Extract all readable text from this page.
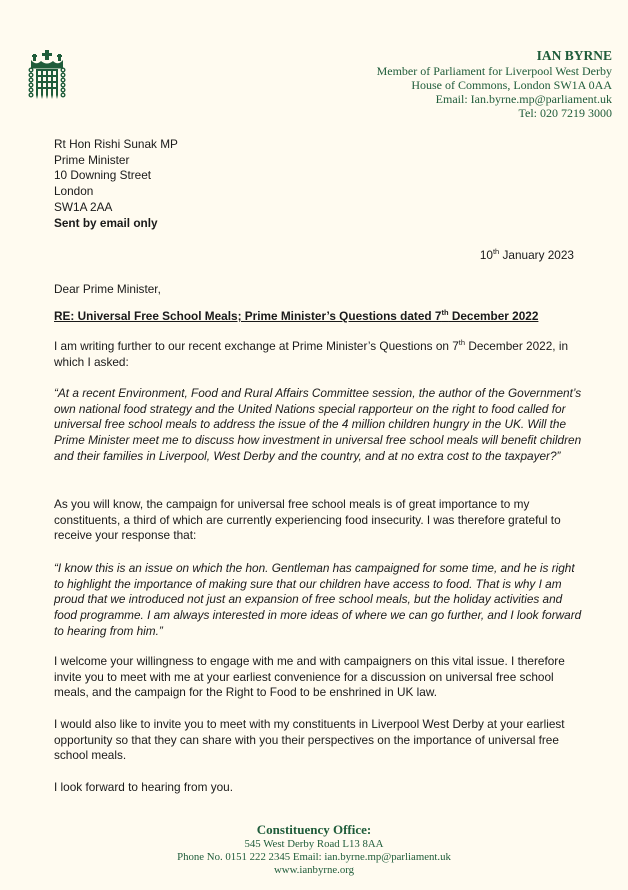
IAN BYRNE
Member of Parliament for Liverpool West Derby
House of Commons, London SW1A 0AA
Email: Ian.byrne.mp@parliament.uk
Tel: 020 7219 3000
Rt Hon Rishi Sunak MP
Prime Minister
10 Downing Street
London
SW1A 2AA
Sent by email only
10th January 2023
Dear Prime Minister,
RE: Universal Free School Meals; Prime Minister’s Questions dated 7th December 2022
I am writing further to our recent exchange at Prime Minister’s Questions on 7th December 2022, in which I asked:
“At a recent Environment, Food and Rural Affairs Committee session, the author of the Government’s own national food strategy and the United Nations special rapporteur on the right to food called for universal free school meals to address the issue of the 4 million children hungry in the UK. Will the Prime Minister meet me to discuss how investment in universal free school meals will benefit children and their families in Liverpool, West Derby and the country, and at no extra cost to the taxpayer?”
As you will know, the campaign for universal free school meals is of great importance to my constituents, a third of which are currently experiencing food insecurity. I was therefore grateful to receive your response that:
“I know this is an issue on which the hon. Gentleman has campaigned for some time, and he is right to highlight the importance of making sure that our children have access to food. That is why I am proud that we introduced not just an expansion of free school meals, but the holiday activities and food programme. I am always interested in more ideas of where we can go further, and I look forward to hearing from him.”
I welcome your willingness to engage with me and with campaigners on this vital issue. I therefore invite you to meet with me at your earliest convenience for a discussion on universal free school meals, and the campaign for the Right to Food to be enshrined in UK law.
I would also like to invite you to meet with my constituents in Liverpool West Derby at your earliest opportunity so that they can share with you their perspectives on the importance of universal free school meals.
I look forward to hearing from you.
Constituency Office:
545 West Derby Road L13 8AA
Phone No. 0151 222 2345 Email: ian.byrne.mp@parliament.uk
www.ianbyrne.org
